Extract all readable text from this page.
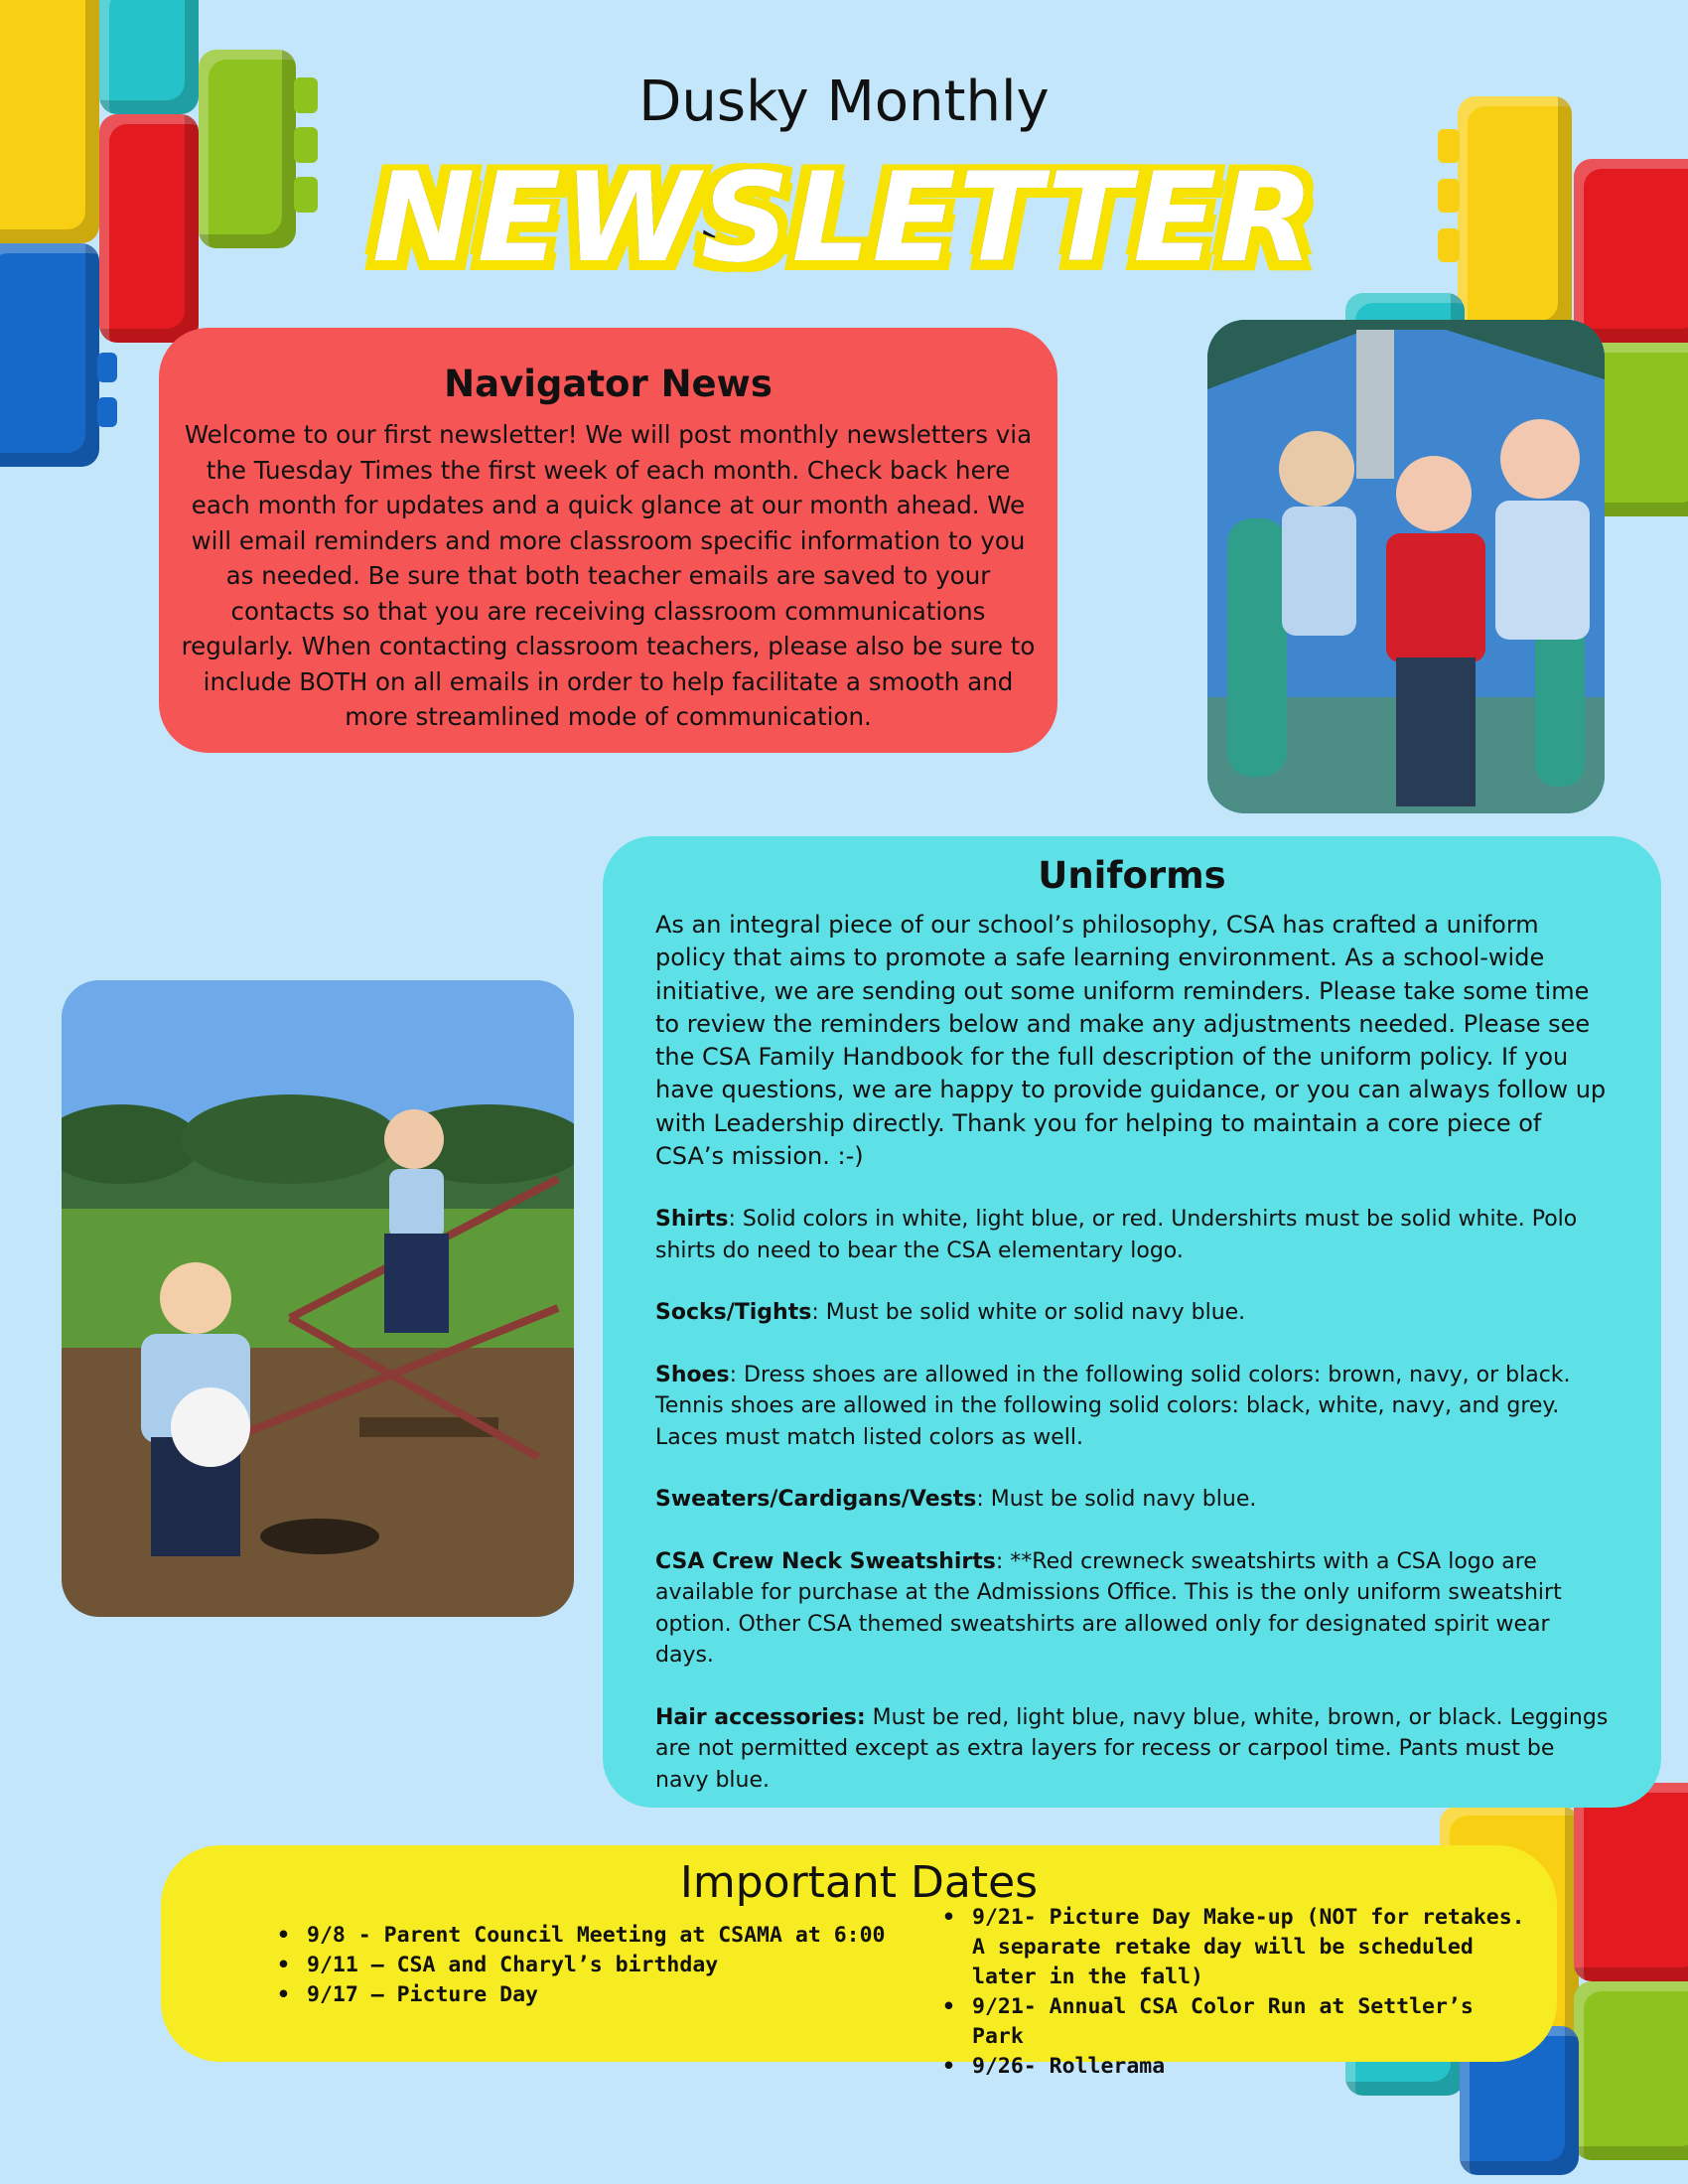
Dusky Monthly
NEWSLETTER
Navigator News

Welcome to our first newsletter! We will post monthly newsletters via the Tuesday Times the first week of each month. Check back here each month for updates and a quick glance at our month ahead. We will email reminders and more classroom specific information to you as needed. Be sure that both teacher emails are saved to your contacts so that you are receiving classroom communications regularly. When contacting classroom teachers, please also be sure to include BOTH on all emails in order to help facilitate a smooth and more streamlined mode of communication.

Uniforms
As an integral piece of our school’s philosophy, CSA has crafted a uniform policy that aims to promote a safe learning environment. As a school-wide initiative, we are sending out some uniform reminders. Please take some time to review the reminders below and make any adjustments needed. Please see the CSA Family Handbook for the full description of the uniform policy. If you have questions, we are happy to provide guidance, or you can always follow up with Leadership directly. Thank you for helping to maintain a core piece of CSA’s mission. :-)
Shirts: Solid colors in white, light blue, or red. Undershirts must be solid white. Polo shirts do need to bear the CSA elementary logo.
Socks/Tights: Must be solid white or solid navy blue.
Shoes: Dress shoes are allowed in the following solid colors: brown, navy, or black. Tennis shoes are allowed in the following solid colors: black, white, navy, and grey. Laces must match listed colors as well.
Sweaters/Cardigans/Vests: Must be solid navy blue.
CSA Crew Neck Sweatshirts: **Red crewneck sweatshirts with a CSA logo are available for purchase at the Admissions Office. This is the only uniform sweatshirt option. Other CSA themed sweatshirts are allowed only for designated spirit wear days.
Hair accessories: Must be red, light blue, navy blue, white, brown, or black. Leggings are not permitted except as extra layers for recess or carpool time. Pants must be navy blue.
Important Dates
• 9/8 - Parent Council Meeting at CSAMA at 6:00
• 9/11 – CSA and Charyl’s birthday
• 9/17 – Picture Day
• 9/21- Picture Day Make-up (NOT for retakes. A separate retake day will be scheduled later in the fall)
• 9/21- Annual CSA Color Run at Settler’s Park
• 9/26- Rollerama
